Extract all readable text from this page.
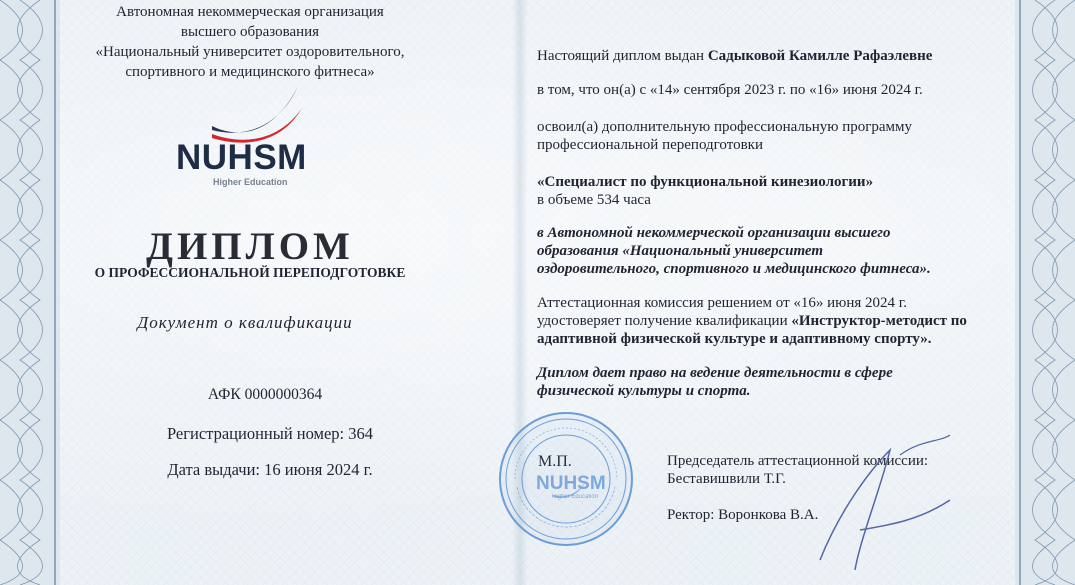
Автономная некоммерческая организация
высшего образования
«Национальный университет оздоровительного,
спортивного и медицинского фитнеса»
NUHSM
Higher Education
ДИПЛОМ
О ПРОФЕССИОНАЛЬНОЙ ПЕРЕПОДГОТОВКЕ
Документ о квалификации
АФК 0000000364
Регистрационный номер: 364
Дата выдачи: 16 июня 2024 г.
Настоящий диплом выдан Садыковой Камилле Рафаэлевне
в том, что он(а) с «14» сентября 2023 г. по «16» июня 2024 г.
освоил(а) дополнительную профессиональную программу
профессиональной переподготовки
«Специалист по функциональной кинезиологии»
в объеме 534 часа
в Автономной некоммерческой организации высшего
образования «Национальный университет
оздоровительного, спортивного и медицинского фитнеса».
Аттестационная комиссия решением от «16» июня 2024 г.
удостоверяет получение квалификации «Инструктор-методист по
адаптивной физической культуре и адаптивному спорту».
Диплом дает право на ведение деятельности в сфере
физической культуры и спорта.
М.П.
NUHSM
Higher Education
Председатель аттестационной комиссии:
Беставишвили Т.Г.
Ректор: Воронкова В.А.
